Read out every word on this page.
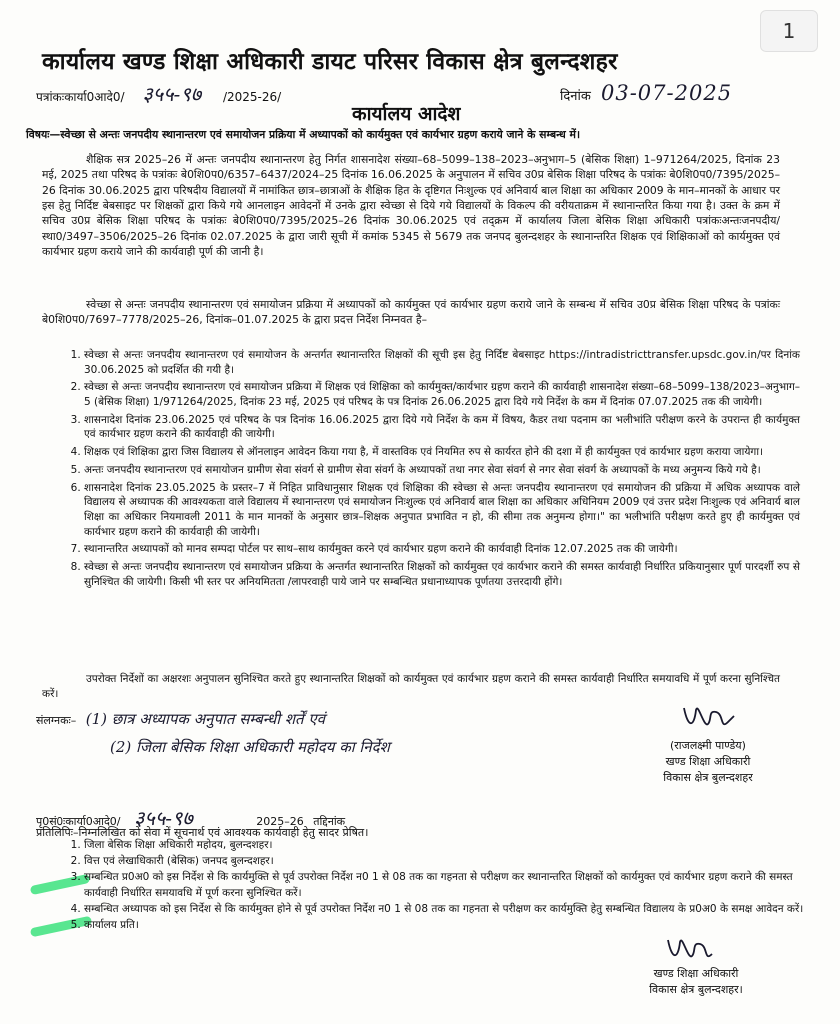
1
कार्यालय खण्ड शिक्षा अधिकारी डायट परिसर विकास क्षेत्र बुलन्दशहर
पत्रांकःकार्या0आदे0/ ३५५-९७ /2025-26/	दिनांक 03-07-2025
कार्यालय आदेश
विषयः—स्वेच्छा से अन्तः जनपदीय स्थानान्तरण एवं समायोजन प्रक्रिया में अध्यापकों को कार्यमुक्त एवं कार्यभार ग्रहण कराये जाने के सम्बन्ध में।
शैक्षिक सत्र 2025–26 में अन्तः जनपदीय स्थानान्तरण हेतु निर्गत शासनादेश संख्या–68–5099–138–2023–अनुभाग–5 (बेसिक शिक्षा) 1–971264/2025, दिनांक 23 मई, 2025 तथा परिषद के पत्रांकः बे0शि0प0/6357–6437/2024–25 दिनांक 16.06.2025 के अनुपालन में सचिव उ0प्र बेसिक शिक्षा परिषद के पत्रांकः बे0शि0प0/7395/2025–26 दिनांक 30.06.2025 द्वारा परिषदीय विद्यालयों में नामांकित छात्र–छात्राओं के शैक्षिक हित के दृष्टिगत निःशुल्क एवं अनिवार्य बाल शिक्षा का अधिकार 2009 के मान–मानकों के आधार पर इस हेतु निर्दिष्ट बेबसाइट पर शिक्षकों द्वारा किये गये आनलाइन आवेदनों में उनके द्वारा स्वेच्छा से दिये गये विद्यालयों के विकल्प की वरीयताक्रम में स्थानान्तरित किया गया है। उक्त के क्रम में सचिव उ0प्र बेसिक शिक्षा परिषद के पत्रांकः बे0शि0प0/7395/2025–26 दिनांक 30.06.2025 एवं तद्क्रम में कार्यालय जिला बेसिक शिक्षा अधिकारी पत्रांकःअन्तःजनपदीय/स्था0/3497–3506/2025–26 दिनांक 02.07.2025 के द्वारा जारी सूची में कमांक 5345 से 5679 तक जनपद बुलन्दशहर के स्थानान्तरित शिक्षक एवं शिक्षिकाओं को कार्यमुक्त एवं कार्यभार ग्रहण कराये जाने की कार्यवाही पूर्ण की जानी है।
स्वेच्छा से अन्तः जनपदीय स्थानान्तरण एवं समायोजन प्रक्रिया में अध्यापकों को कार्यमुक्त एवं कार्यभार ग्रहण कराये जाने के सम्बन्ध में सचिव उ0प्र बेसिक शिक्षा परिषद के पत्रांकः बे0शि0प0/7697–7778/2025–26, दिनांक–01.07.2025 के द्वारा प्रदत्त निर्देश निम्नवत है–
1. स्वेच्छा से अन्तः जनपदीय स्थानान्तरण एवं समायोजन के अन्तर्गत स्थानान्तरित शिक्षकों की सूची इस हेतु निर्दिष्ट बेबसाइट https://intradistricttransfer.upsdc.gov.in/पर दिनांक 30.06.2025 को प्रदर्शित की गयी है।
2. स्वेच्छा से अन्तः जनपदीय स्थानान्तरण एवं समायोजन प्रक्रिया में शिक्षक एवं शिक्षिका को कार्यमुक्त/कार्यभार ग्रहण कराने की कार्यवाही शासनादेश संख्या–68–5099–138/2023–अनुभाग–5 (बेसिक शिक्षा) 1/971264/2025, दिनांक 23 मई, 2025 एवं परिषद के पत्र दिनांक 26.06.2025 द्वारा दिये गये निर्देश के कम में दिनांक 07.07.2025 तक की जायेगी।
3. शासनादेश दिनांक 23.06.2025 एवं परिषद के पत्र दिनांक 16.06.2025 द्वारा दिये गये निर्देश के कम में विषय, कैडर तथा पदनाम का भलीभांति परीक्षण करने के उपरान्त ही कार्यमुक्त एवं कार्यभार ग्रहण कराने की कार्यवाही की जायेगी।
4. शिक्षक एवं शिक्षिका द्वारा जिस विद्यालय से ऑनलाइन आवेदन किया गया है, में वास्तविक एवं नियमित रुप से कार्यरत होने की दशा में ही कार्यमुक्त एवं कार्यभार ग्रहण कराया जायेगा।
5. अन्तः जनपदीय स्थानान्तरण एवं समायोजन ग्रामीण सेवा संवर्ग से ग्रामीण सेवा संवर्ग के अध्यापकों तथा नगर सेवा संवर्ग से नगर सेवा संवर्ग के अध्यापकों के मध्य अनुमन्य किये गये है।
6. शासनादेश दिनांक 23.05.2025 के प्रस्तर–7 में निहित प्राविधानुसार शिक्षक एवं शिक्षिका की स्वेच्छा से अन्तः जनपदीय स्थानान्तरण एवं समायोजन की प्रक्रिया में अधिक अध्यापक वाले विद्यालय से अध्यापक की आवश्यकता वाले विद्यालय में स्थानान्तरण एवं समायोजन निःशुल्क एवं अनिवार्य बाल शिक्षा का अधिकार अधिनियम 2009 एवं उत्तर प्रदेश निःशुल्क एवं अनिवार्य बाल शिक्षा का अधिकार नियमावली 2011 के मान मानकों के अनुसार छात्र–शिक्षक अनुपात प्रभावित न हो, की सीमा तक अनुमन्य होगा।" का भलीभांति परीक्षण करते हुए ही कार्यमुक्त एवं कार्यभार ग्रहण कराने की कार्यवाही की जायेगी।
7. स्थानान्तरित अध्यापकों को मानव सम्पदा पोर्टल पर साथ–साथ कार्यमुक्त करने एवं कार्यभार ग्रहण कराने की कार्यवाही दिनांक 12.07.2025 तक की जायेगी।
8. स्वेच्छा से अन्तः जनपदीय स्थानान्तरण एवं समायोजन प्रक्रिया के अन्तर्गत स्थानान्तरित शिक्षकों को कार्यमुक्त एवं कार्यभार कराने की समस्त कार्यवाही निर्धारित प्रकियानुसार पूर्ण पारदर्शी रुप से सुनिश्चित की जायेगी। किसी भी स्तर पर अनियमितता /लापरवाही पाये जाने पर सम्बन्धित प्रधानाध्यापक पूर्णतया उत्तरदायी होंगे।
उपरोक्त निर्देशों का अक्षरशः अनुपालन सुनिश्चित करते हुए स्थानान्तरित शिक्षकों को कार्यमुक्त एवं कार्यभार ग्रहण कराने की समस्त कार्यवाही निर्धारित समयावधि में पूर्ण करना सुनिश्चित करें।
संलग्नकः– (1) छात्र अध्यापक अनुपात सम्बन्धी शर्तें एवं
(2) जिला बेसिक शिक्षा अधिकारी महोदय का निर्देश	(राजलक्ष्मी पाण्डेय)
खण्ड शिक्षा अधिकारी
विकास क्षेत्र बुलन्दशहर
पृ0सं0ःकार्या0आदे0/ ३५५-९७	2025–26 तद्दिनांक
प्रतिलिपिः–निम्नलिखित को सेवा में सूचनार्थ एवं आवश्यक कार्यवाही हेतु सादर प्रेषित।
1. जिला बेसिक शिक्षा अधिकारी महोदय, बुलन्दशहर।
2. वित्त एवं लेखाधिकारी (बेसिक) जनपद बुलन्दशहर।
3. सम्बन्धित प्र0अ0 को इस निर्देश से कि कार्यमुक्ति से पूर्व उपरोक्त निर्देश न0 1 से 08 तक का गहनता से परीक्षण कर स्थानान्तरित शिक्षकों को कार्यमुक्त एवं कार्यभार ग्रहण कराने की समस्त कार्यवाही निर्धारित समयावधि में पूर्ण करना सुनिश्चित करें।
4. सम्बन्धित अध्यापक को इस निर्देश से कि कार्यमुक्त होने से पूर्व उपरोक्त निर्देश न0 1 से 08 तक का गहनता से परीक्षण कर कार्यमुक्ति हेतु सम्बन्धित विद्यालय के प्र0अ0 के समक्ष आवेदन करें।
5. कार्यालय प्रति।
खण्ड शिक्षा अधिकारी
विकास क्षेत्र बुलन्दशहर।
